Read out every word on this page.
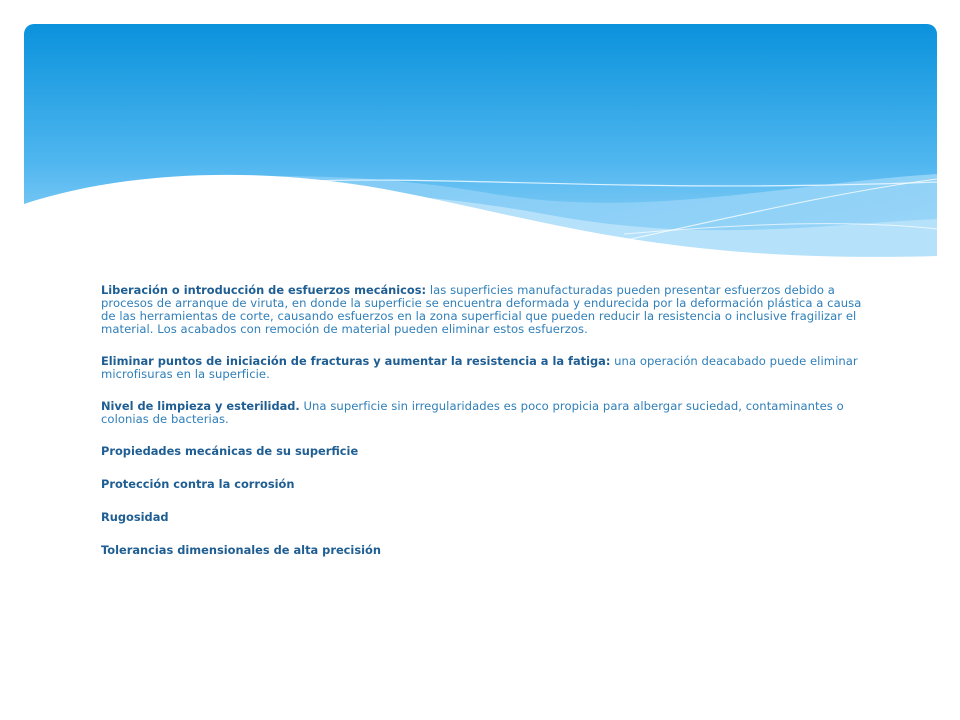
Liberación o introducción de esfuerzos mecánicos: las superficies manufacturadas pueden presentar esfuerzos debido a procesos de arranque de viruta, en donde la superficie se encuentra deformada y endurecida por la deformación plástica a causa de las herramientas de corte, causando esfuerzos en la zona superficial que pueden reducir la resistencia o inclusive fragilizar el material. Los acabados con remoción de material pueden eliminar estos esfuerzos.

Eliminar puntos de iniciación de fracturas y aumentar la resistencia a la fatiga: una operación deacabado puede eliminar microfisuras en la superficie.

Nivel de limpieza y esterilidad. Una superficie sin irregularidades es poco propicia para albergar suciedad, contaminantes o colonias de bacterias.

Propiedades mecánicas de su superficie

Protección contra la corrosión

Rugosidad

Tolerancias dimensionales de alta precisión
